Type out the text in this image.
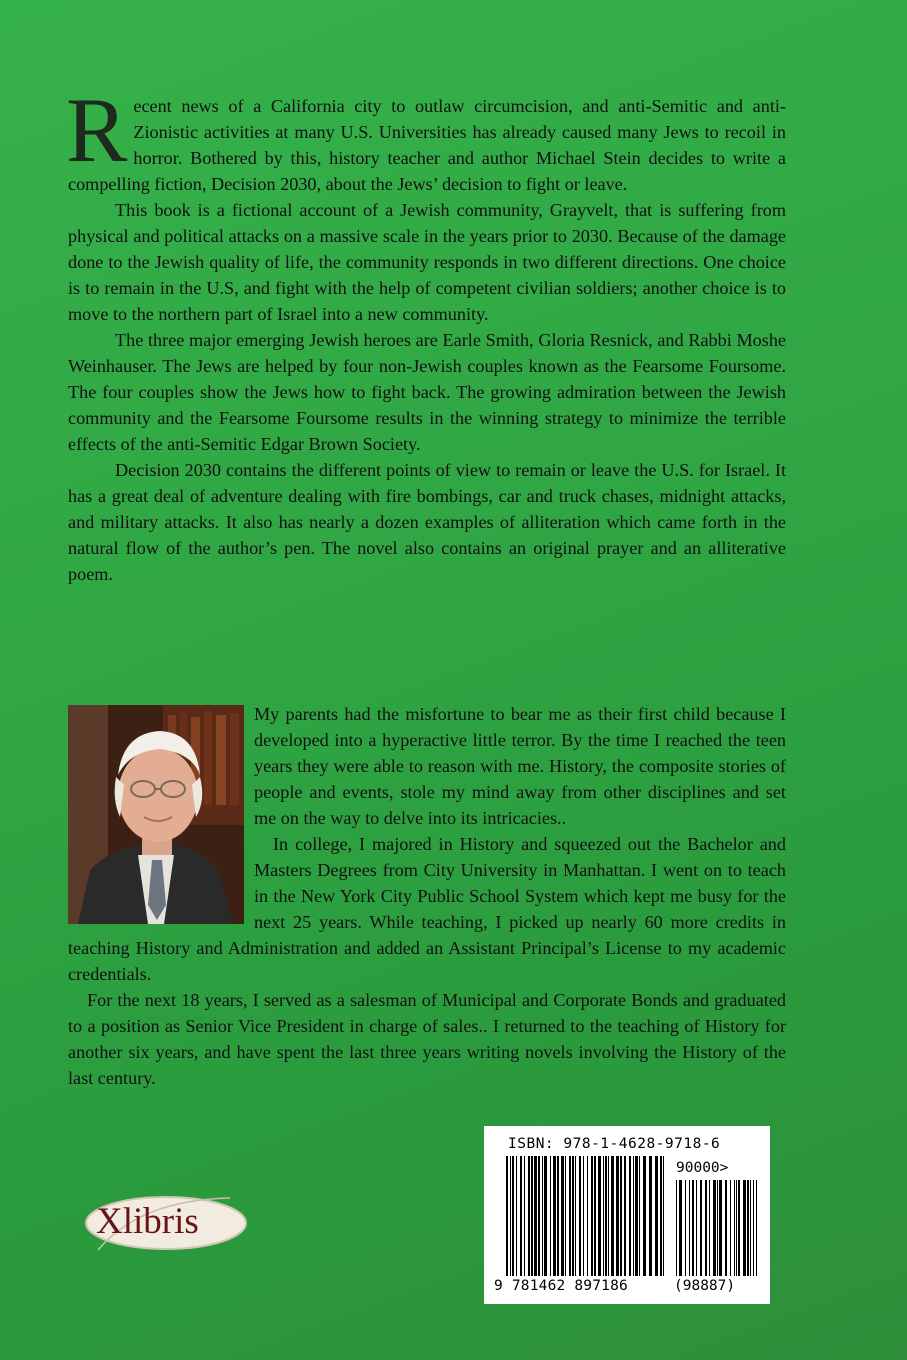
Recent news of a California city to outlaw circumcision, and anti-Semitic and anti-Zionistic activities at many U.S. Universities has already caused many Jews to recoil in horror. Bothered by this, history teacher and author Michael Stein decides to write a compelling fiction, Decision 2030, about the Jews’ decision to fight or leave.

This book is a fictional account of a Jewish community, Grayvelt, that is suffering from physical and political attacks on a massive scale in the years prior to 2030. Because of the damage done to the Jewish quality of life, the community responds in two different directions. One choice is to remain in the U.S, and fight with the help of competent civilian soldiers; another choice is to move to the northern part of Israel into a new community.

The three major emerging Jewish heroes are Earle Smith, Gloria Resnick, and Rabbi Moshe Weinhauser. The Jews are helped by four non-Jewish couples known as the Fearsome Foursome. The four couples show the Jews how to fight back. The growing admiration between the Jewish community and the Fearsome Foursome results in the winning strategy to minimize the terrible effects of the anti-Semitic Edgar Brown Society.

Decision 2030 contains the different points of view to remain or leave the U.S. for Israel. It has a great deal of adventure dealing with fire bombings, car and truck chases, midnight attacks, and military attacks. It also has nearly a dozen examples of alliteration which came forth in the natural flow of the author’s pen. The novel also contains an original prayer and an alliterative poem.

My parents had the misfortune to bear me as their first child because I developed into a hyperactive little terror. By the time I reached the teen years they were able to reason with me. History, the composite stories of people and events, stole my mind away from other disciplines and set me on the way to delve into its intricacies..

In college, I majored in History and squeezed out the Bachelor and Masters Degrees from City University in Manhattan. I went on to teach in the New York City Public School System which kept me busy for the next 25 years. While teaching, I picked up nearly 60 more credits in teaching History and Administration and added an Assistant Principal’s License to my academic credentials.

For the next 18 years, I served as a salesman of Municipal and Corporate Bonds and graduated to a position as Senior Vice President in charge of sales.. I returned to the teaching of History for another six years, and have spent the last three years writing novels involving the History of the last century.

Xlibris
ISBN: 978-1-4628-9718-6
90000>
9 781462 897186	(98887)
